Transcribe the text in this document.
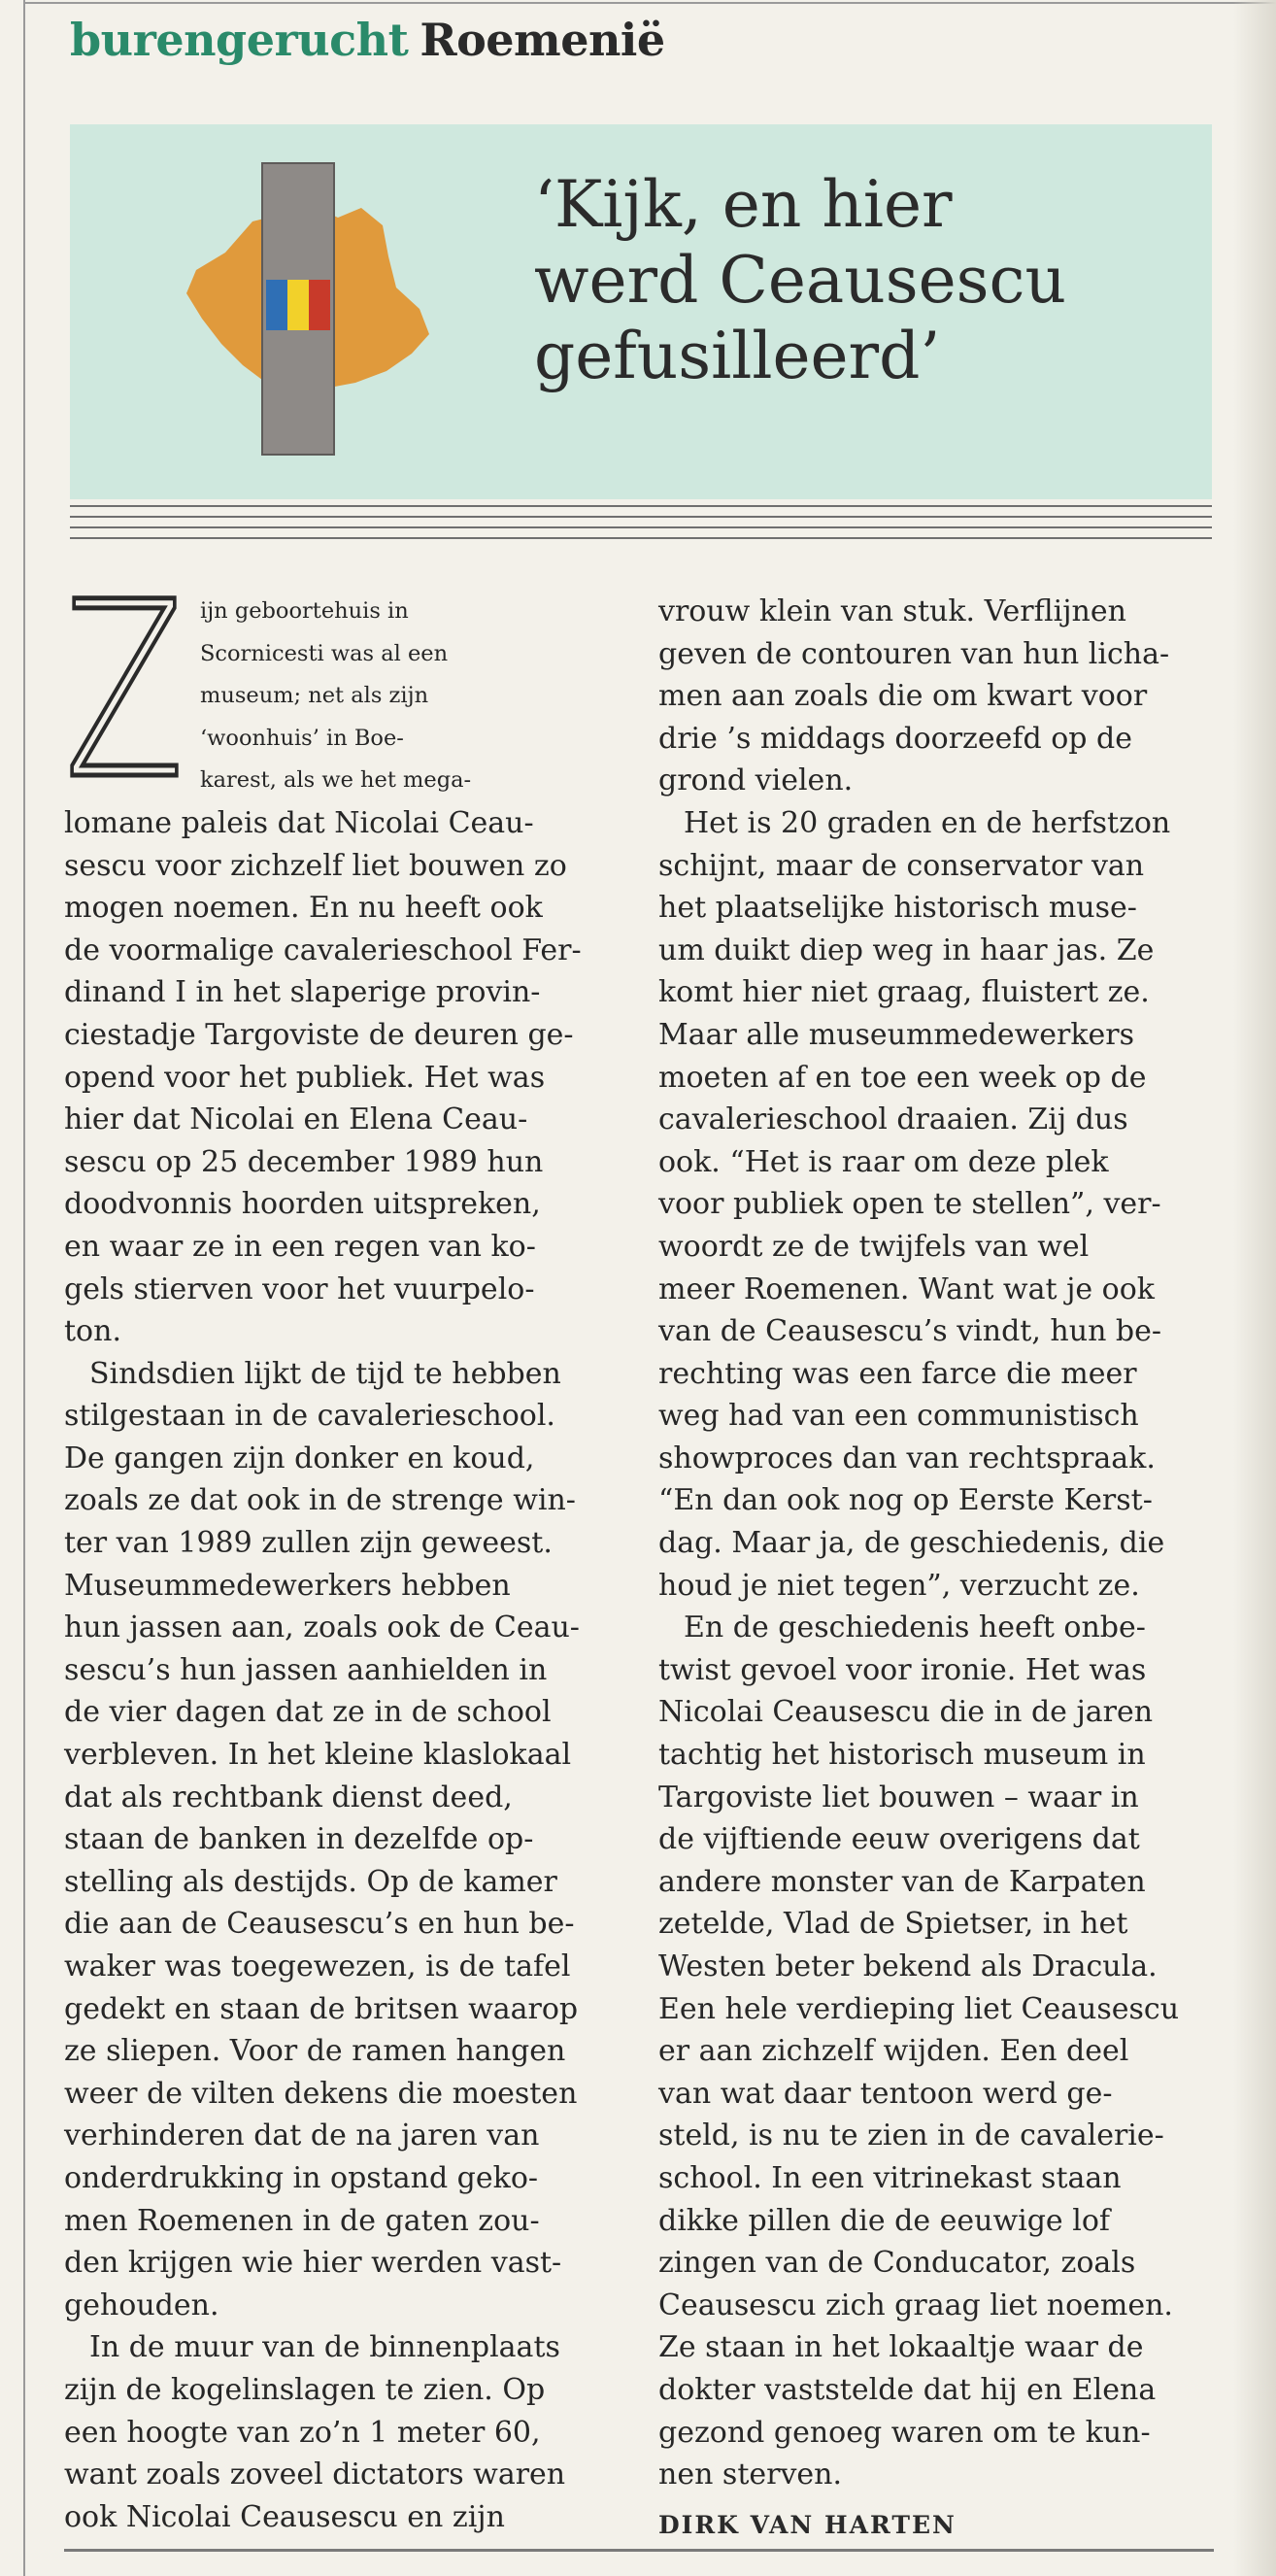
burengerucht Roemenië
‘Kijk, en hier
werd Ceausescu
gefusilleerd’

Z ijn geboortehuis in
Scornicesti was al een
museum; net als zijn
‘woonhuis’ in Boe-
karest, als we het mega-
lomane paleis dat Nicolai Ceau-
sescu voor zichzelf liet bouwen zo
mogen noemen. En nu heeft ook
de voormalige cavalerieschool Fer-
dinand I in het slaperige provin-
ciestadje Targoviste de deuren ge-
opend voor het publiek. Het was
hier dat Nicolai en Elena Ceau-
sescu op 25 december 1989 hun
doodvonnis hoorden uitspreken,
en waar ze in een regen van ko-
gels stierven voor het vuurpelo-
ton.

Sindsdien lijkt de tijd te hebben
stilgestaan in de cavalerieschool.
De gangen zijn donker en koud,
zoals ze dat ook in de strenge win-
ter van 1989 zullen zijn geweest.
Museummedewerkers hebben
hun jassen aan, zoals ook de Ceau-
sescu’s hun jassen aanhielden in
de vier dagen dat ze in de school
verbleven. In het kleine klaslokaal
dat als rechtbank dienst deed,
staan de banken in dezelfde op-
stelling als destijds. Op de kamer
die aan de Ceausescu’s en hun be-
waker was toegewezen, is de tafel
gedekt en staan de britsen waarop
ze sliepen. Voor de ramen hangen
weer de vilten dekens die moesten
verhinderen dat de na jaren van
onderdrukking in opstand geko-
men Roemenen in de gaten zou-
den krijgen wie hier werden vast-
gehouden.

In de muur van de binnenplaats
zijn de kogelinslagen te zien. Op
een hoogte van zo’n 1 meter 60,
want zoals zoveel dictators waren
ook Nicolai Ceausescu en zijn

vrouw klein van stuk. Verflijnen
geven de contouren van hun licha-
men aan zoals die om kwart voor
drie ’s middags doorzeefd op de
grond vielen.

Het is 20 graden en de herfstzon
schijnt, maar de conservator van
het plaatselijke historisch muse-
um duikt diep weg in haar jas. Ze
komt hier niet graag, fluistert ze.
Maar alle museummedewerkers
moeten af en toe een week op de
cavalerieschool draaien. Zij dus
ook. “Het is raar om deze plek
voor publiek open te stellen”, ver-
woordt ze de twijfels van wel
meer Roemenen. Want wat je ook
van de Ceausescu’s vindt, hun be-
rechting was een farce die meer
weg had van een communistisch
showproces dan van rechtspraak.
“En dan ook nog op Eerste Kerst-
dag. Maar ja, de geschiedenis, die
houd je niet tegen”, verzucht ze.

En de geschiedenis heeft onbe-
twist gevoel voor ironie. Het was
Nicolai Ceausescu die in de jaren
tachtig het historisch museum in
Targoviste liet bouwen – waar in
de vijftiende eeuw overigens dat
andere monster van de Karpaten
zetelde, Vlad de Spietser, in het
Westen beter bekend als Dracula.
Een hele verdieping liet Ceausescu
er aan zichzelf wijden. Een deel
van wat daar tentoon werd ge-
steld, is nu te zien in de cavalerie-
school. In een vitrinekast staan
dikke pillen die de eeuwige lof
zingen van de Conducator, zoals
Ceausescu zich graag liet noemen.
Ze staan in het lokaaltje waar de
dokter vaststelde dat hij en Elena
gezond genoeg waren om te kun-
nen sterven.

DIRK VAN HARTEN
